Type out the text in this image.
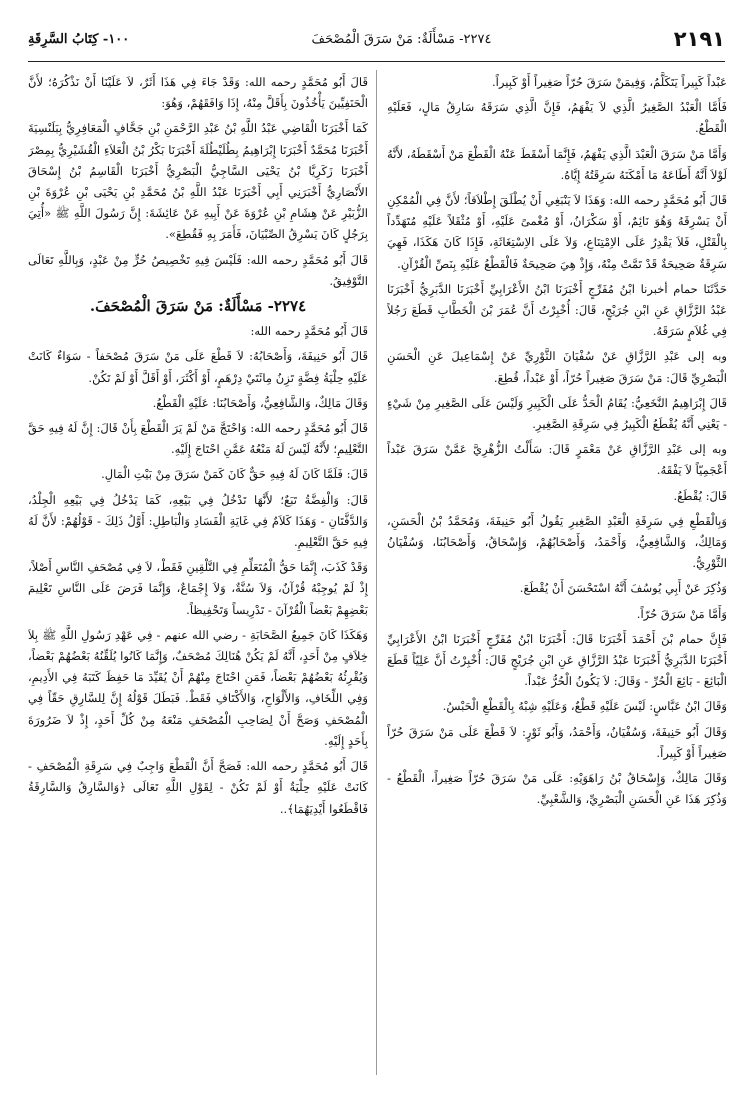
٢١٩١
٢٢٧٤- مَسْأَلَةٌ: مَنْ سَرَقَ الْمُصْحَفَ
١٠٠- كِتَابُ السَّرِقَةِ

عَبْداً كَبِيراً يَتَكَلَّمُ، وَفِيمَنْ سَرَقَ حُرّاً صَغِيراً أَوْ كَبِيراً.

فَأَمَّا الْعَبْدُ الصَّغِيرُ الَّذِي لاَ يَفْهَمُ، فَإِنَّ الَّذِي سَرَقَهُ سَارِقُ مَالٍ، فَعَلَيْهِ الْقَطْعُ.

وَأَمَّا مَنْ سَرَقَ الْعَبْدَ الَّذِي يَفْهَمُ، فَإِنَّمَا أَسْقَطَ عَنْهُ الْقَطْعَ مَنْ أَسْقَطَهُ، لأَنَّهُ لَوْلاَ أَنَّهُ أَطَاعَهُ مَا أَمْكَنَهُ سَرِقَتُهُ إِيَّاهُ.

قَالَ أَبُو مُحَمَّدٍ رحمه الله: وَهَذَا لاَ يَنْبَغِي أَنْ يُطْلَقَ إِطْلاَقاً؛ لأَنَّ فِي الْمُمْكِنِ أَنْ يَسْرِقَهُ وَهُوَ نَائِمٌ، أَوْ سَكْرَانُ، أَوْ مُغْمىً عَلَيْهِ، أَوْ مُثْقَلاً عَلَيْهِ مُتَهَدِّداً بِالْقَتْلِ، فَلاَ يَقْدِرُ عَلَى الاِمْتِنَاعِ، وَلاَ عَلَى الاِسْتِغَاثَةِ، فَإِذَا كَانَ هَكَذَا، فَهِيَ سَرِقَةٌ صَحِيحَةٌ قَدْ تَمَّتْ مِنْهُ، وَإِذْ هِيَ صَحِيحَةٌ فَالْقَطْعُ عَلَيْهِ بِنَصِّ الْقُرْآنِ.

حَدَّثَنَا حمام أخبرنا ابْنُ مُفَرِّجٍ أَخْبَرَنَا ابْنُ الأَعْرَابِيِّ أَخْبَرَنَا الدَّبَرِيُّ أَخْبَرَنَا عَبْدُ الرَّزَّاقِ عَنِ ابْنِ جُرَيْجٍ، قَالَ: أُخْبِرْتُ أَنَّ عُمَرَ بْنَ الْخَطَّابِ قَطَعَ رَجُلاً فِي غُلاَمٍ سَرَقَهُ.

وبه إلى عَبْدِ الرَّزَّاقِ عَنْ سُفْيَانَ الثَّوْرِيِّ عَنْ إِسْمَاعِيلَ عَنِ الْحَسَنِ الْبَصْرِيِّ قَالَ: مَنْ سَرَقَ صَغِيراً حُرّاً، أَوْ عَبْداً، قُطِعَ.

قَالَ إِبْرَاهِيمُ النَّخَعِيُّ: يُقَامُ الْحَدُّ عَلَى الْكَبِيرِ وَلَيْسَ عَلَى الصَّغِيرِ مِنْ شَيْءٍ - يَعْنِي أَنَّهُ يُقْطَعُ الْكَبِيرُ فِي سَرِقَةِ الصَّغِيرِ.

وبه إلى عَبْدِ الرَّزَّاقِ عَنْ مَعْمَرٍ قَالَ: سَأَلْتُ الزُّهْرِيَّ عَمَّنْ سَرَقَ عَبْداً أَعْجَمِيّاً لاَ يَفْقَهُ.

قَالَ: يُقْطَعُ.

وَبِالْقَطْعِ فِي سَرِقَةِ الْعَبْدِ الصَّغِيرِ يَقُولُ أَبُو حَنِيفَةَ، وَمُحَمَّدُ بْنُ الْحَسَنِ، وَمَالِكٌ، وَالشَّافِعِيُّ، وَأَحْمَدُ، وَأَصْحَابُهُمْ، وَإِسْحَاقُ، وَأَصْحَابُنَا، وَسُفْيَانُ الثَّوْرِيُّ.

وَذُكِرَ عَنْ أَبِي يُوسُفَ أَنَّهُ اسْتَحْسَنَ أَنْ يُقْطَعَ.

وَأَمَّا مَنْ سَرَقَ حُرّاً.

فَإِنَّ حمام بْنَ أَحْمَدَ أَخْبَرَنَا قَالَ: أَخْبَرَنَا ابْنُ مُفَرِّجٍ أَخْبَرَنَا ابْنُ الأَعْرَابِيِّ أَخْبَرَنَا الدَّبَرِيُّ أَخْبَرَنَا عَبْدُ الرَّزَّاقِ عَنِ ابْنِ جُرَيْجٍ قَالَ: أُخْبِرْتُ أَنَّ عَلِيّاً قَطَعَ الْبَائِعَ - بَائِعَ الْحُرِّ - وَقَالَ: لاَ يَكُونُ الْحُرُّ عَبْداً.

وَقَالَ ابْنُ عَبَّاسٍ: لَيْسَ عَلَيْهِ قَطْعٌ، وَعَلَيْهِ شِبْهُ بِالْقَطْعِ الْحَبْسُ.

وَقَالَ أَبُو حَنِيفَةَ، وَسُفْيَانُ، وَأَحْمَدُ، وَأَبُو ثَوْرٍ: لاَ قَطْعَ عَلَى مَنْ سَرَقَ حُرّاً صَغِيراً أَوْ كَبِيراً.

وَقَالَ مَالِكٌ، وَإِسْحَاقُ بْنُ رَاهَوَيْهِ: عَلَى مَنْ سَرَقَ حُرّاً صَغِيراً، الْقَطْعُ - وَذُكِرَ هَذَا عَنِ الْحَسَنِ الْبَصْرِيِّ، وَالشَّعْبِيِّ.

قَالَ أَبُو مُحَمَّدٍ رحمه الله: وَقَدْ جَاءَ فِي هَذَا أَثَرٌ، لاَ عَلَيْنَا أَنْ نَذْكُرَهُ؛ لأَنَّ الْحَنَفِيِّينَ يَأْخُذُونَ بِأَقَلَّ مِنْهُ، إِذَا وَافَقَهُمْ، وَهُوَ:

كَمَا أَخْبَرَنَا الْقَاضِي عَبْدُ اللَّهِ بْنُ عَبْدِ الرَّحْمَنِ بْنِ جَحَّافٍ الْمَعَافِرِيُّ بِبَلَنْسِيَةَ أَخْبَرَنَا مُحَمَّدٌ أَخْبَرَنَا إِبْرَاهِيمُ بِطُلَيْطُلَةَ أَخْبَرَنَا بَكْرُ بْنُ الْعَلاَءِ الْقُشَيْرِيُّ بِمِصْرَ أَخْبَرَنَا زَكَرِيَّا بْنُ يَحْيَى السَّاجِيُّ الْبَصْرِيُّ أَخْبَرَنَا الْقَاسِمُ بْنُ إِسْحَاقَ الأَنْصَارِيُّ أَخْبَرَنِي أَبِي أَخْبَرَنَا عَبْدُ اللَّهِ بْنُ مُحَمَّدِ بْنِ يَحْيَى بْنِ عُرْوَةَ بْنِ الزُّبَيْرِ عَنْ هِشَامِ بْنِ عُرْوَةَ عَنْ أَبِيهِ عَنْ عَائِشَةَ: إِنَّ رَسُولَ اللَّهِ ﷺ «أُتِيَ بِرَجُلٍ كَانَ يَسْرِقُ الصِّبْيَانَ، فَأَمَرَ بِهِ فَقُطِعَ».

قَالَ أَبُو مُحَمَّدٍ رحمه الله: فَلَيْسَ فِيهِ تَخْصِيصُ حُرٍّ مِنْ عَبْدٍ، وَبِاللَّهِ تَعَالَى التَّوْفِيقُ.

٢٢٧٤- مَسْأَلَةٌ: مَنْ سَرَقَ الْمُصْحَفَ.

قَالَ أَبُو مُحَمَّدٍ رحمه الله:

قَالَ أَبُو حَنِيفَةَ، وَأَصْحَابُهُ: لاَ قَطْعَ عَلَى مَنْ سَرَقَ مُصْحَفاً - سَوَاءٌ كَانَتْ عَلَيْهِ حِلْيَةُ فِضَّةٍ تَزِنُ مِائَتَيْ دِرْهَمٍ، أَوْ أَكْثَرَ، أَوْ أَقَلَّ أَوْ لَمْ تَكُنْ.

وَقَالَ مَالِكٌ، وَالشَّافِعِيُّ، وَأَصْحَابُنَا: عَلَيْهِ الْقَطْعُ.

قَالَ أَبُو مُحَمَّدٍ رحمه الله: وَاحْتَجَّ مَنْ لَمْ يَرَ الْقَطْعَ بِأَنْ قَالَ: إِنَّ لَهُ فِيهِ حَقَّ التَّعْلِيمِ؛ لأَنَّهُ لَيْسَ لَهُ مَنْعُهُ عَمَّنِ احْتَاجَ إِلَيْهِ.

قَالَ: فَلَمَّا كَانَ لَهُ فِيهِ حَقٌّ كَانَ كَمَنْ سَرَقَ مِنْ بَيْتِ الْمَالِ.

قَالَ: وَالْفِضَّةُ تَبَعٌ؛ لأَنَّهَا تَدْخُلُ فِي بَيْعِهِ، كَمَا يَدْخُلُ فِي بَيْعِهِ الْجِلْدُ، وَالدَّفَّتَانِ - وَهَذَا كَلاَمٌ فِي غَايَةِ الْفَسَادِ وَالْبَاطِلِ: أَوَّلُ ذَلِكَ - قَوْلُهُمْ: لأَنَّ لَهُ فِيهِ حَقَّ التَّعْلِيمِ.

وَقَدْ كَذَبَ، إِنَّمَا حَقُّ الْمُتَعَلِّمِ فِي التَّلْقِينِ فَقَطْ، لاَ فِي مُصْحَفِ النَّاسِ أَصْلاً، إِذْ لَمْ يُوجِبْهُ قُرْآنٌ، وَلاَ سُنَّةٌ، وَلاَ إِجْمَاعٌ، وَإِنَّمَا فَرَضَ عَلَى النَّاسِ تَعْلِيمَ بَعْضِهِمْ بَعْضاً الْقُرْآنَ - تَدْرِيساً وَتَحْفِيظاً.

وَهَكَذَا كَانَ جَمِيعُ الصَّحَابَةِ - رضي الله عنهم - فِي عَهْدِ رَسُولِ اللَّهِ ﷺ بِلاَ خِلاَفٍ مِنْ أَحَدٍ، أَنَّهُ لَمْ يَكُنْ هُنَالِكَ مُصْحَفٌ، وَإِنَّمَا كَانُوا يُلَقِّنُهُ بَعْضُهُمْ بَعْضاً، وَيُقْرِئُهُ بَعْضُهُمْ بَعْضاً، فَمَنِ احْتَاجَ مِنْهُمْ أَنْ يُقَيِّدَ مَا حَفِظَ كَتَبَهُ فِي الأَدِيمِ، وَفِي اللِّخَافِ، وَالأَلْوَاحِ، وَالأَكْتَافِ فَقَطْ. فَبَطَلَ قَوْلُهُ إِنَّ لِلسَّارِقِ حَقّاً فِي الْمُصْحَفِ وَصَحَّ أَنْ لِصَاحِبِ الْمُصْحَفِ مَنْعَهُ مِنْ كُلِّ أَحَدٍ، إِذْ لاَ ضَرُورَةَ بِأَحَدٍ إِلَيْهِ.

قَالَ أَبُو مُحَمَّدٍ رحمه الله: فَصَحَّ أَنَّ الْقَطْعَ وَاجِبٌ فِي سَرِقَةِ الْمُصْحَفِ - كَانَتْ عَلَيْهِ حِلْيَةٌ أَوْ لَمْ تَكُنْ - لِقَوْلِ اللَّهِ تَعَالَى ﴿وَالسَّارِقُ وَالسَّارِقَةُ فَاقْطَعُوا أَيْدِيَهُمَا﴾..
